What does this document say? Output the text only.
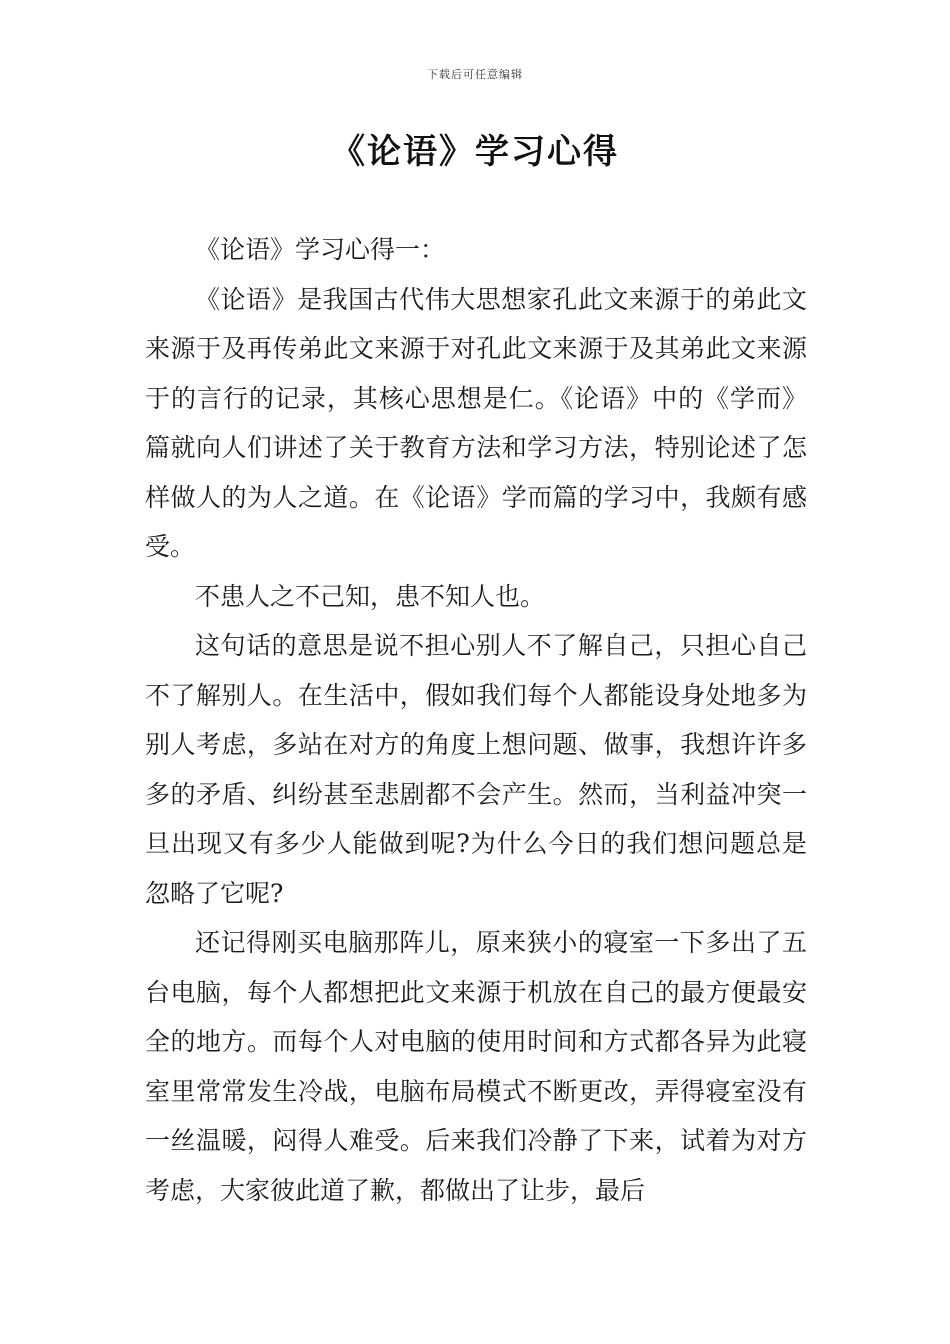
下载后可任意编辑
《论语》学习心得

《论语》学习心得一：

《论语》是我国古代伟大思想家孔此文来源于的弟此文来源于及再传弟此文来源于对孔此文来源于及其弟此文来源于的言行的记录，其核心思想是仁。《论语》中的《学而》篇就向人们讲述了关于教育方法和学习方法，特别论述了怎样做人的为人之道。在《论语》学而篇的学习中，我颇有感受。

不患人之不己知，患不知人也。

这句话的意思是说不担心别人不了解自己，只担心自己不了解别人。在生活中，假如我们每个人都能设身处地多为别人考虑，多站在对方的角度上想问题、做事，我想许许多多的矛盾、纠纷甚至悲剧都不会产生。然而，当利益冲突一旦出现又有多少人能做到呢?为什么今日的我们想问题总是忽略了它呢?

还记得刚买电脑那阵儿，原来狭小的寝室一下多出了五台电脑，每个人都想把此文来源于机放在自己的最方便最安全的地方。而每个人对电脑的使用时间和方式都各异为此寝室里常常发生冷战，电脑布局模式不断更改，弄得寝室没有一丝温暖，闷得人难受。后来我们冷静了下来，试着为对方考虑，大家彼此道了歉，都做出了让步，最后
